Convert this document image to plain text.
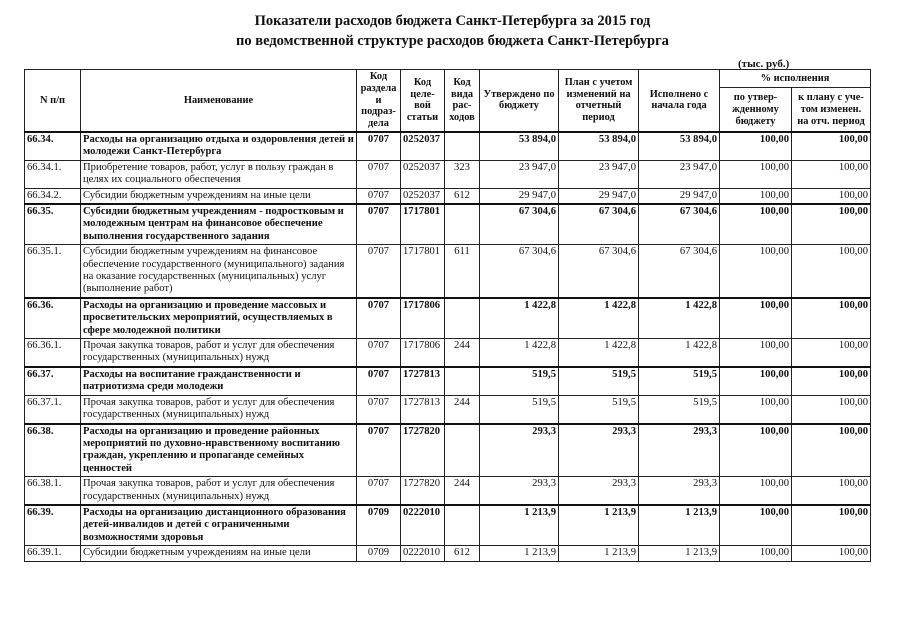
Показатели расходов бюджета Санкт-Петербурга за 2015 год
по ведомственной структуре расходов бюджета Санкт-Петербурга
(тыс. руб.)
N п/п	Наименование	Код раздела и подраз-дела	Код целе-вой статьи	Код вида рас-ходов	Утверждено по бюджету	План с учетом изменений на отчетный период	Исполнено с начала года	% исполнения	
								по утвер-жденному бюджету	к плану с уче-том изменен. на отч. период
66.34.	Расходы на организацию отдыха и оздоровления детей и молодежи Санкт-Петербурга	0707	0252037		53 894,0	53 894,0	53 894,0	100,00	100,00
66.34.1.	Приобретение товаров, работ, услуг в пользу граждан в целях их социального обеспечения	0707	0252037	323	23 947,0	23 947,0	23 947,0	100,00	100,00
66.34.2.	Субсидии бюджетным учреждениям на иные цели	0707	0252037	612	29 947,0	29 947,0	29 947,0	100,00	100,00
66.35.	Субсидии бюджетным учреждениям - подростковым и молодежным центрам на финансовое обеспечение выполнения государственного задания	0707	1717801		67 304,6	67 304,6	67 304,6	100,00	100,00
66.35.1.	Субсидии бюджетным учреждениям на финансовое обеспечение государственного (муниципального) задания на оказание государственных (муниципальных) услуг (выполнение работ)	0707	1717801	611	67 304,6	67 304,6	67 304,6	100,00	100,00
66.36.	Расходы на организацию и проведение массовых и просветительских мероприятий, осуществляемых в сфере молодежной политики	0707	1717806		1 422,8	1 422,8	1 422,8	100,00	100,00
66.36.1.	Прочая закупка товаров, работ и услуг для обеспечения государственных (муниципальных) нужд	0707	1717806	244	1 422,8	1 422,8	1 422,8	100,00	100,00
66.37.	Расходы на воспитание гражданственности и патриотизма среди молодежи	0707	1727813		519,5	519,5	519,5	100,00	100,00
66.37.1.	Прочая закупка товаров, работ и услуг для обеспечения государственных (муниципальных) нужд	0707	1727813	244	519,5	519,5	519,5	100,00	100,00
66.38.	Расходы на организацию и проведение районных мероприятий по духовно-нравственному воспитанию граждан, укреплению и пропаганде семейных ценностей	0707	1727820		293,3	293,3	293,3	100,00	100,00
66.38.1.	Прочая закупка товаров, работ и услуг для обеспечения государственных (муниципальных) нужд	0707	1727820	244	293,3	293,3	293,3	100,00	100,00
66.39.	Расходы на организацию дистанционного образования детей-инвалидов и детей с ограниченными возможностями здоровья	0709	0222010		1 213,9	1 213,9	1 213,9	100,00	100,00
66.39.1.	Субсидии бюджетным учреждениям на иные цели	0709	0222010	612	1 213,9	1 213,9	1 213,9	100,00	100,00
